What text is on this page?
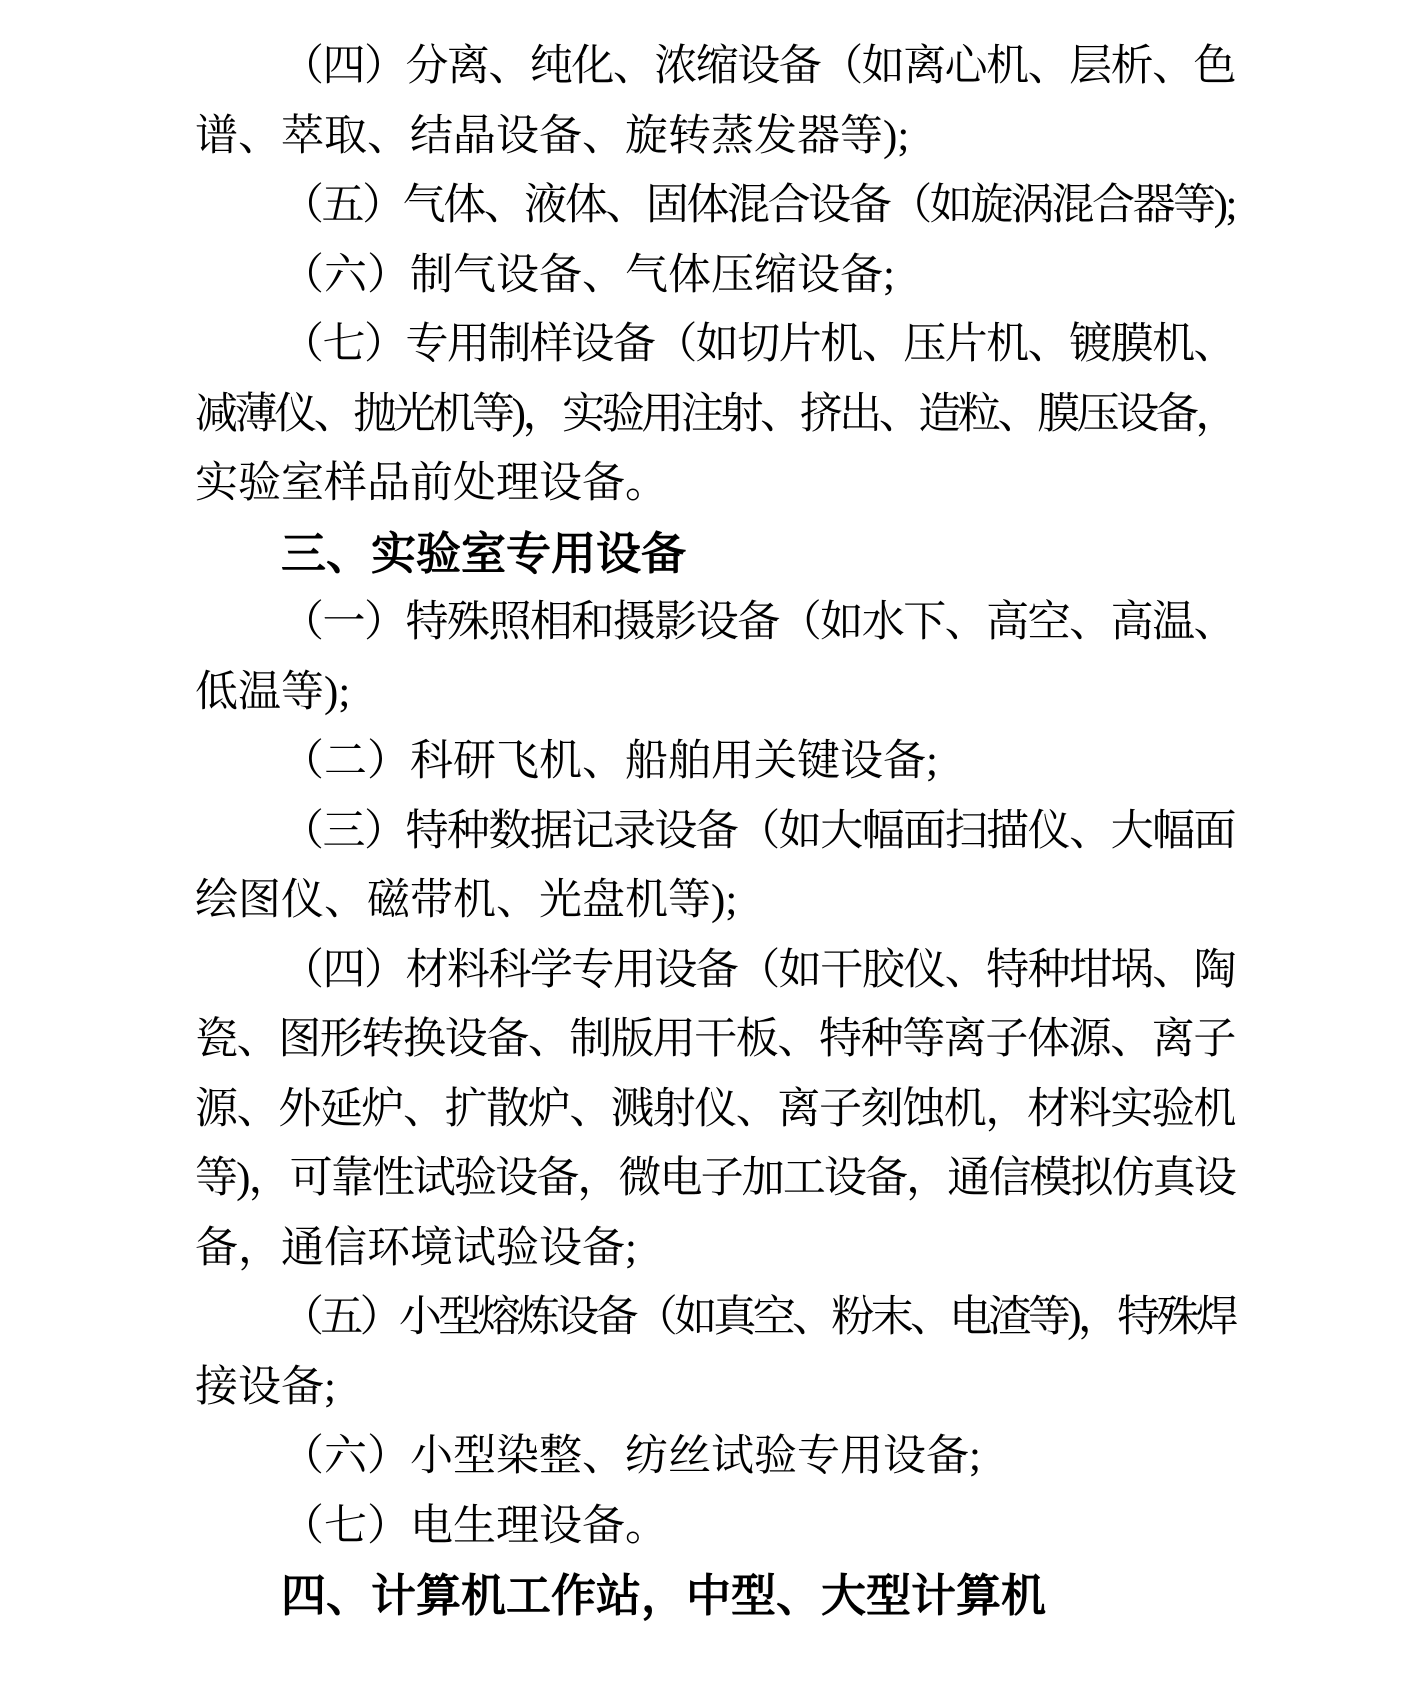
（四）分离、纯化、浓缩设备（如离心机、层析、色
谱、萃取、结晶设备、旋转蒸发器等);
（五）气体、液体、固体混合设备（如旋涡混合器等);
（六）制气设备、气体压缩设备;
（七）专用制样设备（如切片机、压片机、镀膜机、
减薄仪、抛光机等)，实验用注射、挤出、造粒、膜压设备，
实验室样品前处理设备。
三、实验室专用设备
（一）特殊照相和摄影设备（如水下、高空、高温、
低温等);
（二）科研飞机、船舶用关键设备;
（三）特种数据记录设备（如大幅面扫描仪、大幅面
绘图仪、磁带机、光盘机等);
（四）材料科学专用设备（如干胶仪、特种坩埚、陶
瓷、图形转换设备、制版用干板、特种等离子体源、离子
源、外延炉、扩散炉、溅射仪、离子刻蚀机，材料实验机
等)，可靠性试验设备，微电子加工设备，通信模拟仿真设
备，通信环境试验设备;
（五）小型熔炼设备（如真空、粉末、电渣等)，特殊焊
接设备;
（六）小型染整、纺丝试验专用设备;
（七）电生理设备。
四、计算机工作站，中型、大型计算机
